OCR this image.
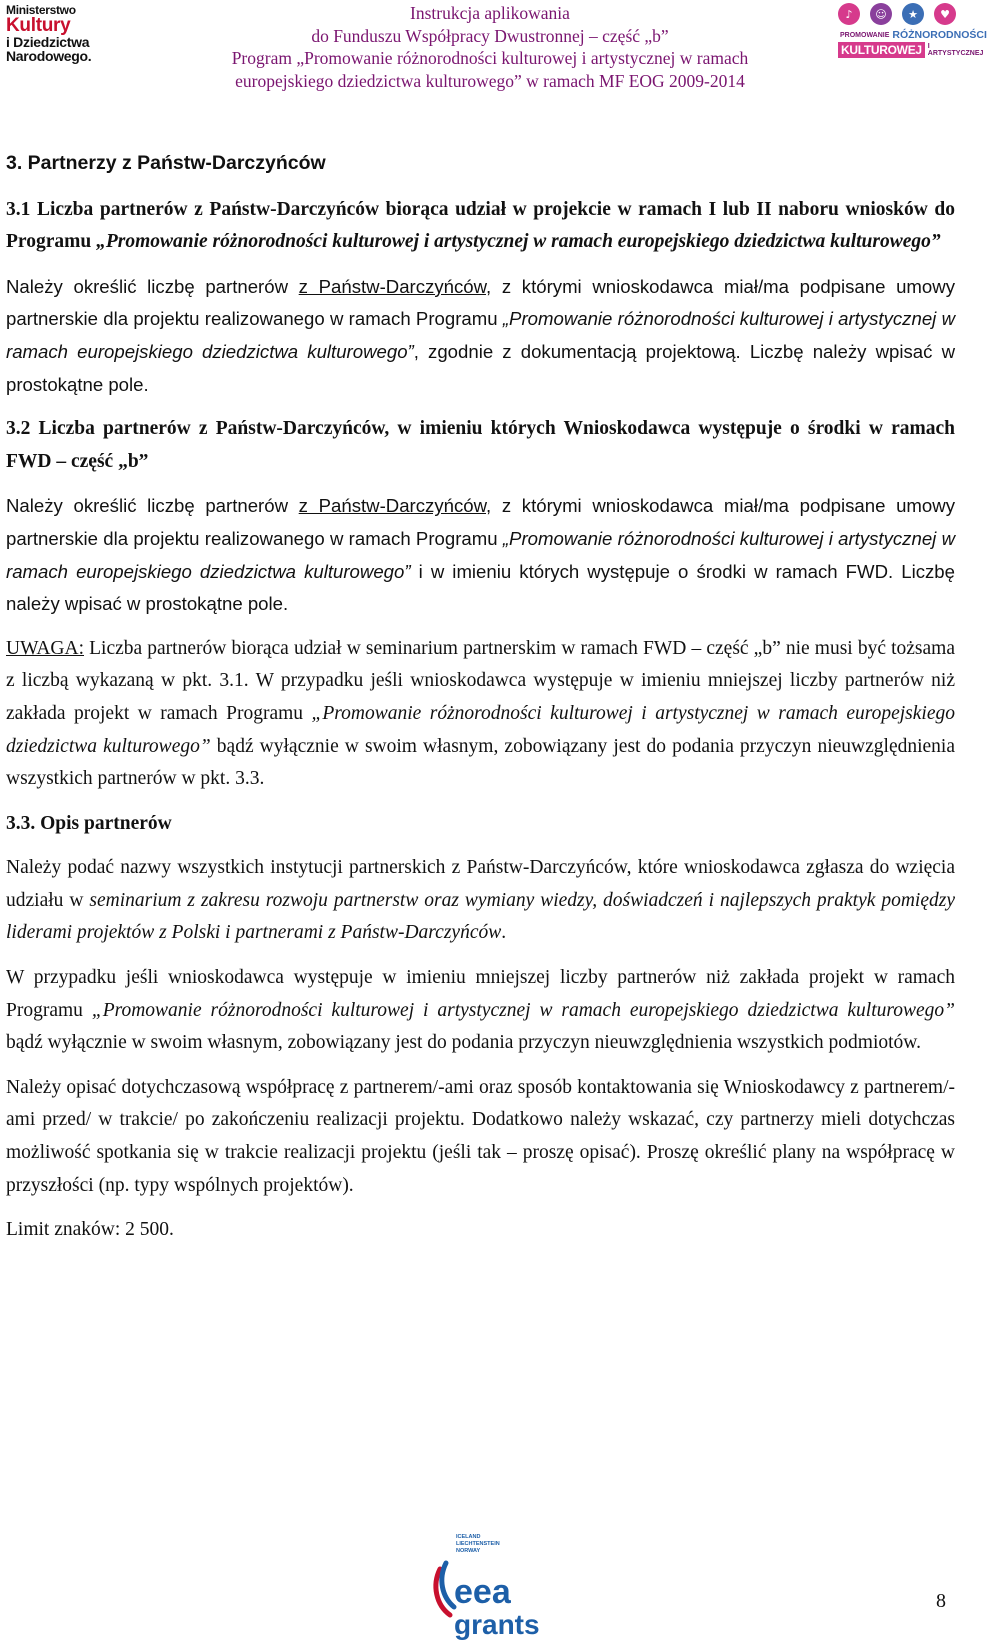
Ministerstwo
Kultury
i Dziedzictwa
Narodowego.
Instrukcja aplikowania
do Funduszu Współpracy Dwustronnej – część „b”
Program „Promowanie różnorodności kulturowej i artystycznej w ramach
europejskiego dziedzictwa kulturowego” w ramach MF EOG 2009-2014
♪	☺	★	♥
PROMOWANIE RÓŻNORODNOŚCI
KULTUROWEJ I ARTYSTYCZNEJ
3. Partnerzy z Państw-Darczyńców
3.1 Liczba partnerów z Państw-Darczyńców biorąca udział w projekcie w ramach I lub II naboru wniosków do Programu „Promowanie różnorodności kulturowej i artystycznej w ramach europejskiego dziedzictwa kulturowego”

Należy określić liczbę partnerów z Państw-Darczyńców, z którymi wnioskodawca miał/ma podpisane umowy partnerskie dla projektu realizowanego w ramach Programu „Promowanie różnorodności kulturowej i artystycznej w ramach europejskiego dziedzictwa kulturowego”, zgodnie z dokumentacją projektową. Liczbę należy wpisać w prostokątne pole.

3.2 Liczba partnerów z Państw-Darczyńców, w imieniu których Wnioskodawca występuje o środki w ramach FWD – część „b”

Należy określić liczbę partnerów z Państw-Darczyńców, z którymi wnioskodawca miał/ma podpisane umowy partnerskie dla projektu realizowanego w ramach Programu „Promowanie różnorodności kulturowej i artystycznej w ramach europejskiego dziedzictwa kulturowego” i w imieniu których występuje o środki w ramach FWD. Liczbę należy wpisać w prostokątne pole.

UWAGA: Liczba partnerów biorąca udział w seminarium partnerskim w ramach FWD – część „b” nie musi być tożsama z liczbą wykazaną w pkt. 3.1. W przypadku jeśli wnioskodawca występuje w imieniu mniejszej liczby partnerów niż zakłada projekt w ramach Programu „Promowanie różnorodności kulturowej i artystycznej w ramach europejskiego dziedzictwa kulturowego” bądź wyłącznie w swoim własnym, zobowiązany jest do podania przyczyn nieuwzględnienia wszystkich partnerów w pkt. 3.3.

3.3. Opis partnerów

Należy podać nazwy wszystkich instytucji partnerskich z Państw-Darczyńców, które wnioskodawca zgłasza do wzięcia udziału w seminarium z zakresu rozwoju partnerstw oraz wymiany wiedzy, doświadczeń i najlepszych praktyk pomiędzy liderami projektów z Polski i partnerami z Państw-Darczyńców.

W przypadku jeśli wnioskodawca występuje w imieniu mniejszej liczby partnerów niż zakłada projekt w ramach Programu „Promowanie różnorodności kulturowej i artystycznej w ramach europejskiego dziedzictwa kulturowego” bądź wyłącznie w swoim własnym, zobowiązany jest do podania przyczyn nieuwzględnienia wszystkich podmiotów.

Należy opisać dotychczasową współpracę z partnerem/-ami oraz sposób kontaktowania się Wnioskodawcy z partnerem/-ami przed/ w trakcie/ po zakończeniu realizacji projektu. Dodatkowo należy wskazać, czy partnerzy mieli dotychczas możliwość spotkania się w trakcie realizacji projektu (jeśli tak – proszę opisać). Proszę określić plany na współpracę w przyszłości (np. typy wspólnych projektów).

Limit znaków: 2 500.

ICELAND
LIECHTENSTEIN
NORWAY
eea
grants
8
